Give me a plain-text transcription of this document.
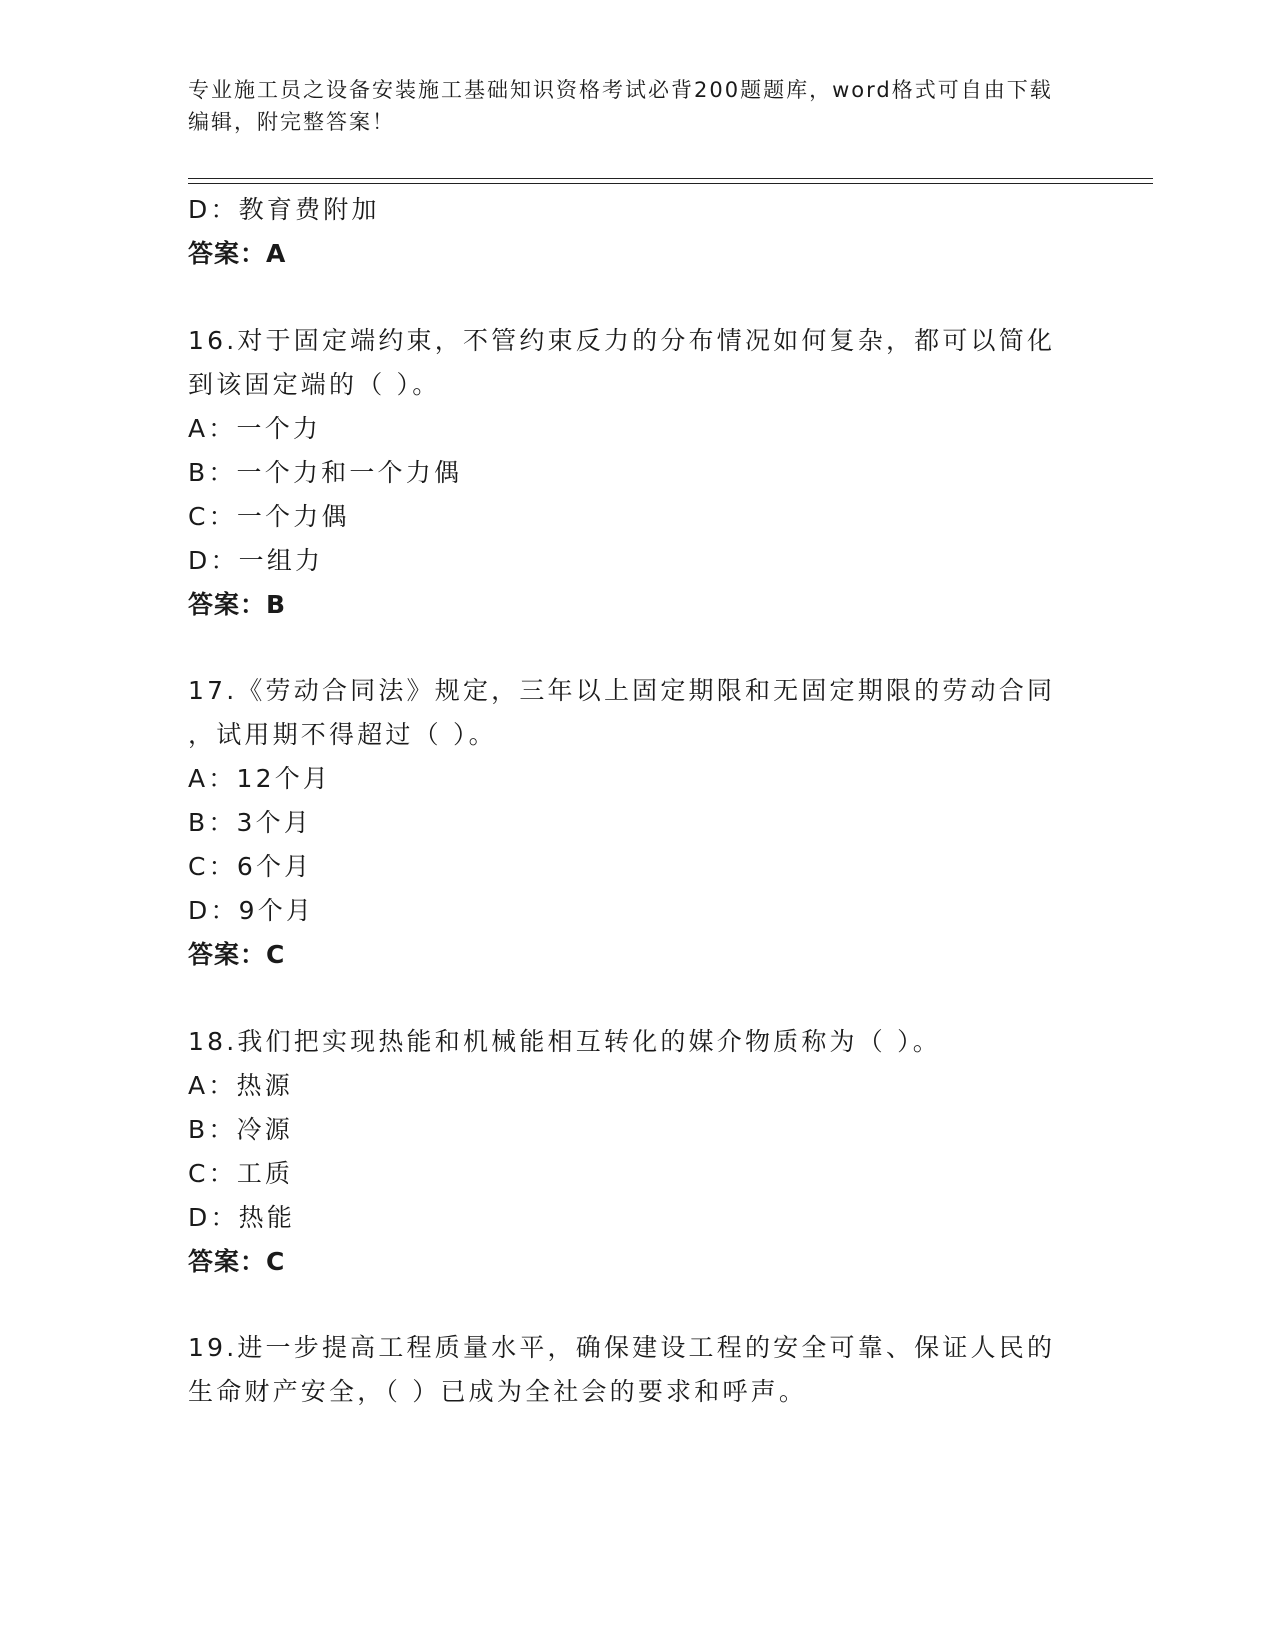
专业施工员之设备安装施工基础知识资格考试必背200题题库，word格式可自由下载编辑，附完整答案！
D：教育费附加
答案：A
16.对于固定端约束，不管约束反力的分布情况如何复杂，都可以简化
到该固定端的（ ）。
A：一个力
B：一个力和一个力偶
C：一个力偶
D：一组力
答案：B
17.《劳动合同法》规定，三年以上固定期限和无固定期限的劳动合同
，试用期不得超过（ ）。
A：12个月
B：3个月
C：6个月
D：9个月
答案：C
18.我们把实现热能和机械能相互转化的媒介物质称为（ ）。
A：热源
B：冷源
C：工质
D：热能
答案：C
19.进一步提高工程质量水平，确保建设工程的安全可靠、保证人民的
生命财产安全，（ ）已成为全社会的要求和呼声。
